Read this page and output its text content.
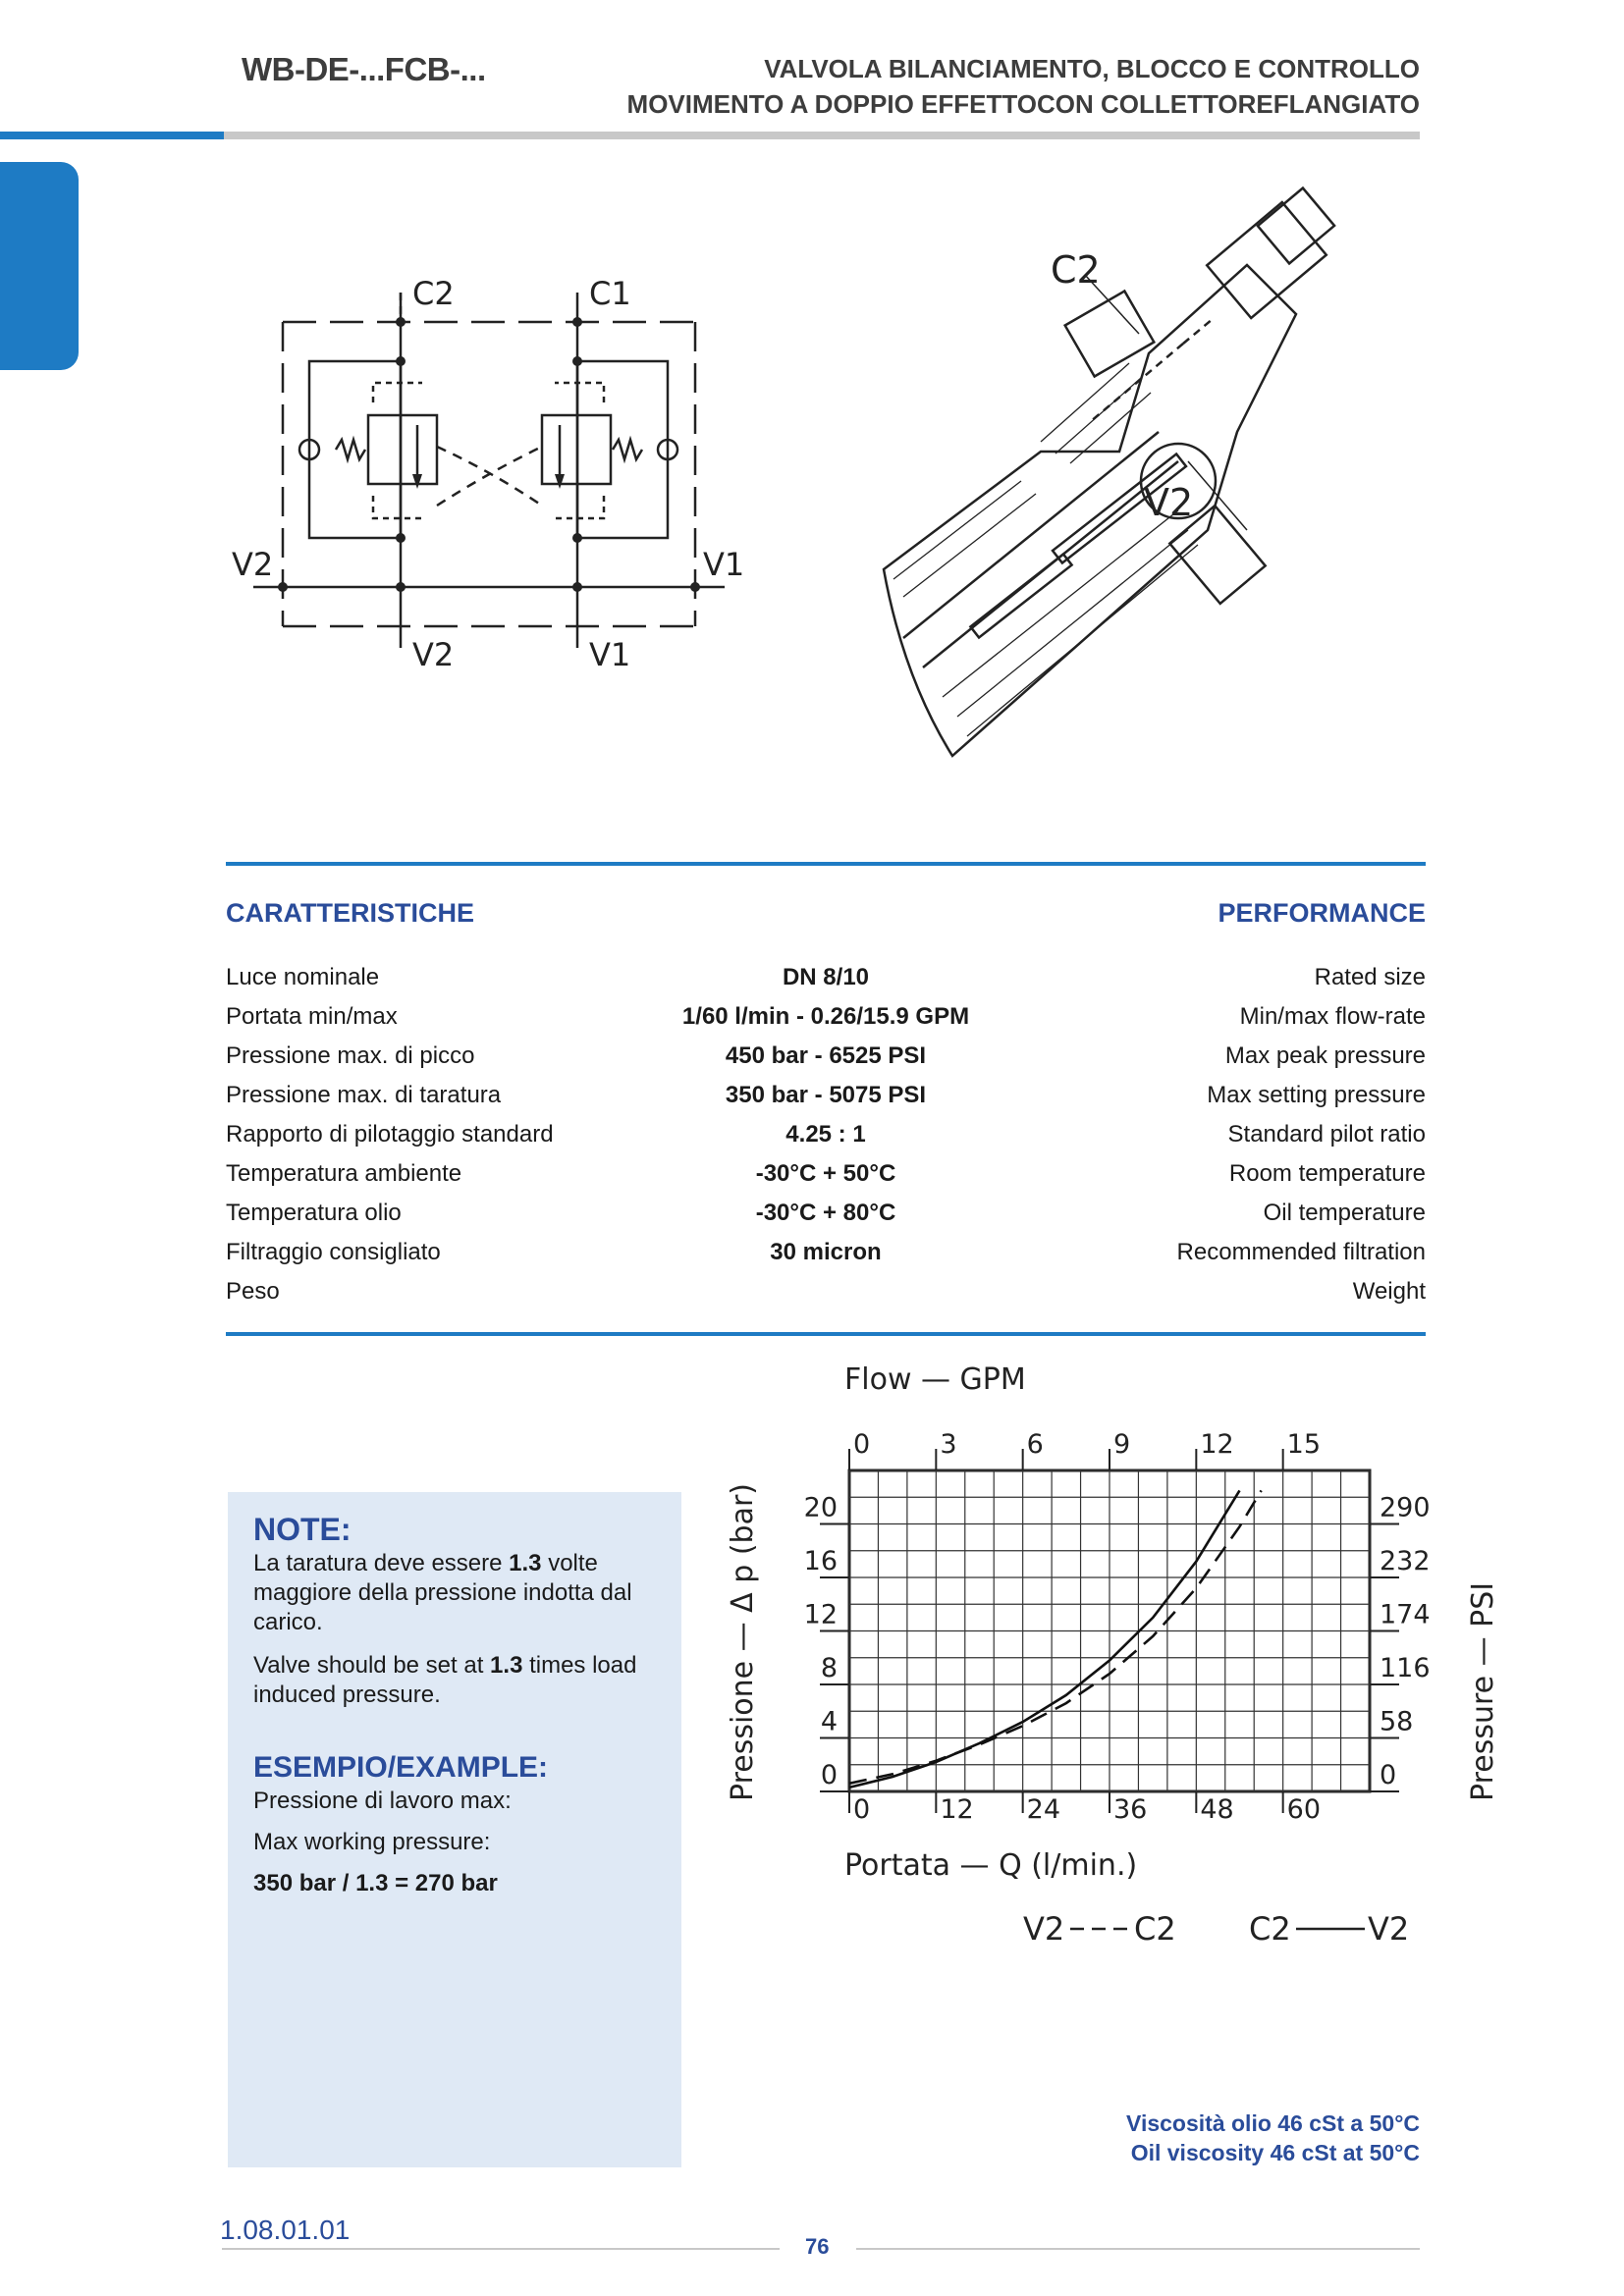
WB-DE-...FCB-...	VALVOLA BILANCIAMENTO, BLOCCO E CONTROLLO
MOVIMENTO A DOPPIO EFFETTOCON COLLETTOREFLANGIATO
C2	C1
V2	V1
V2	V1
C2
V2
CARATTERISTICHE	PERFORMANCE
Luce nominale	DN 8/10	Rated size
Portata min/max	1/60 l/min - 0.26/15.9 GPM	Min/max flow-rate
Pressione max. di picco	450 bar - 6525 PSI	Max peak pressure
Pressione max. di taratura	350 bar - 5075 PSI	Max setting pressure
Rapporto di pilotaggio standard	4.25 : 1	Standard pilot ratio
Temperatura ambiente	-30°C + 50°C	Room temperature
Temperatura olio	-30°C + 80°C	Oil temperature
Filtraggio consigliato	30 micron	Recommended filtration
Peso	Weight
NOTE:
La taratura deve essere 1.3 volte maggiore della pressione indotta dal carico.
Valve should be set at 1.3 times load induced pressure.
ESEMPIO/EXAMPLE:
Pressione di lavoro max:
Max working pressure:
350 bar / 1.3 = 270 bar
0	12 24 36 48 60
0	3	6	9	12 15
0
4
8
12
16
20
0
58
116
174
232
290
Flow — GPM
Portata — Q (l/min.)
Pressione — Δ p (bar)	Pressure — PSI
V2 C2 C2 V2
Viscosità olio 46 cSt a 50°C
Oil viscosity 46 cSt at 50°C
1.08.01.01
76
